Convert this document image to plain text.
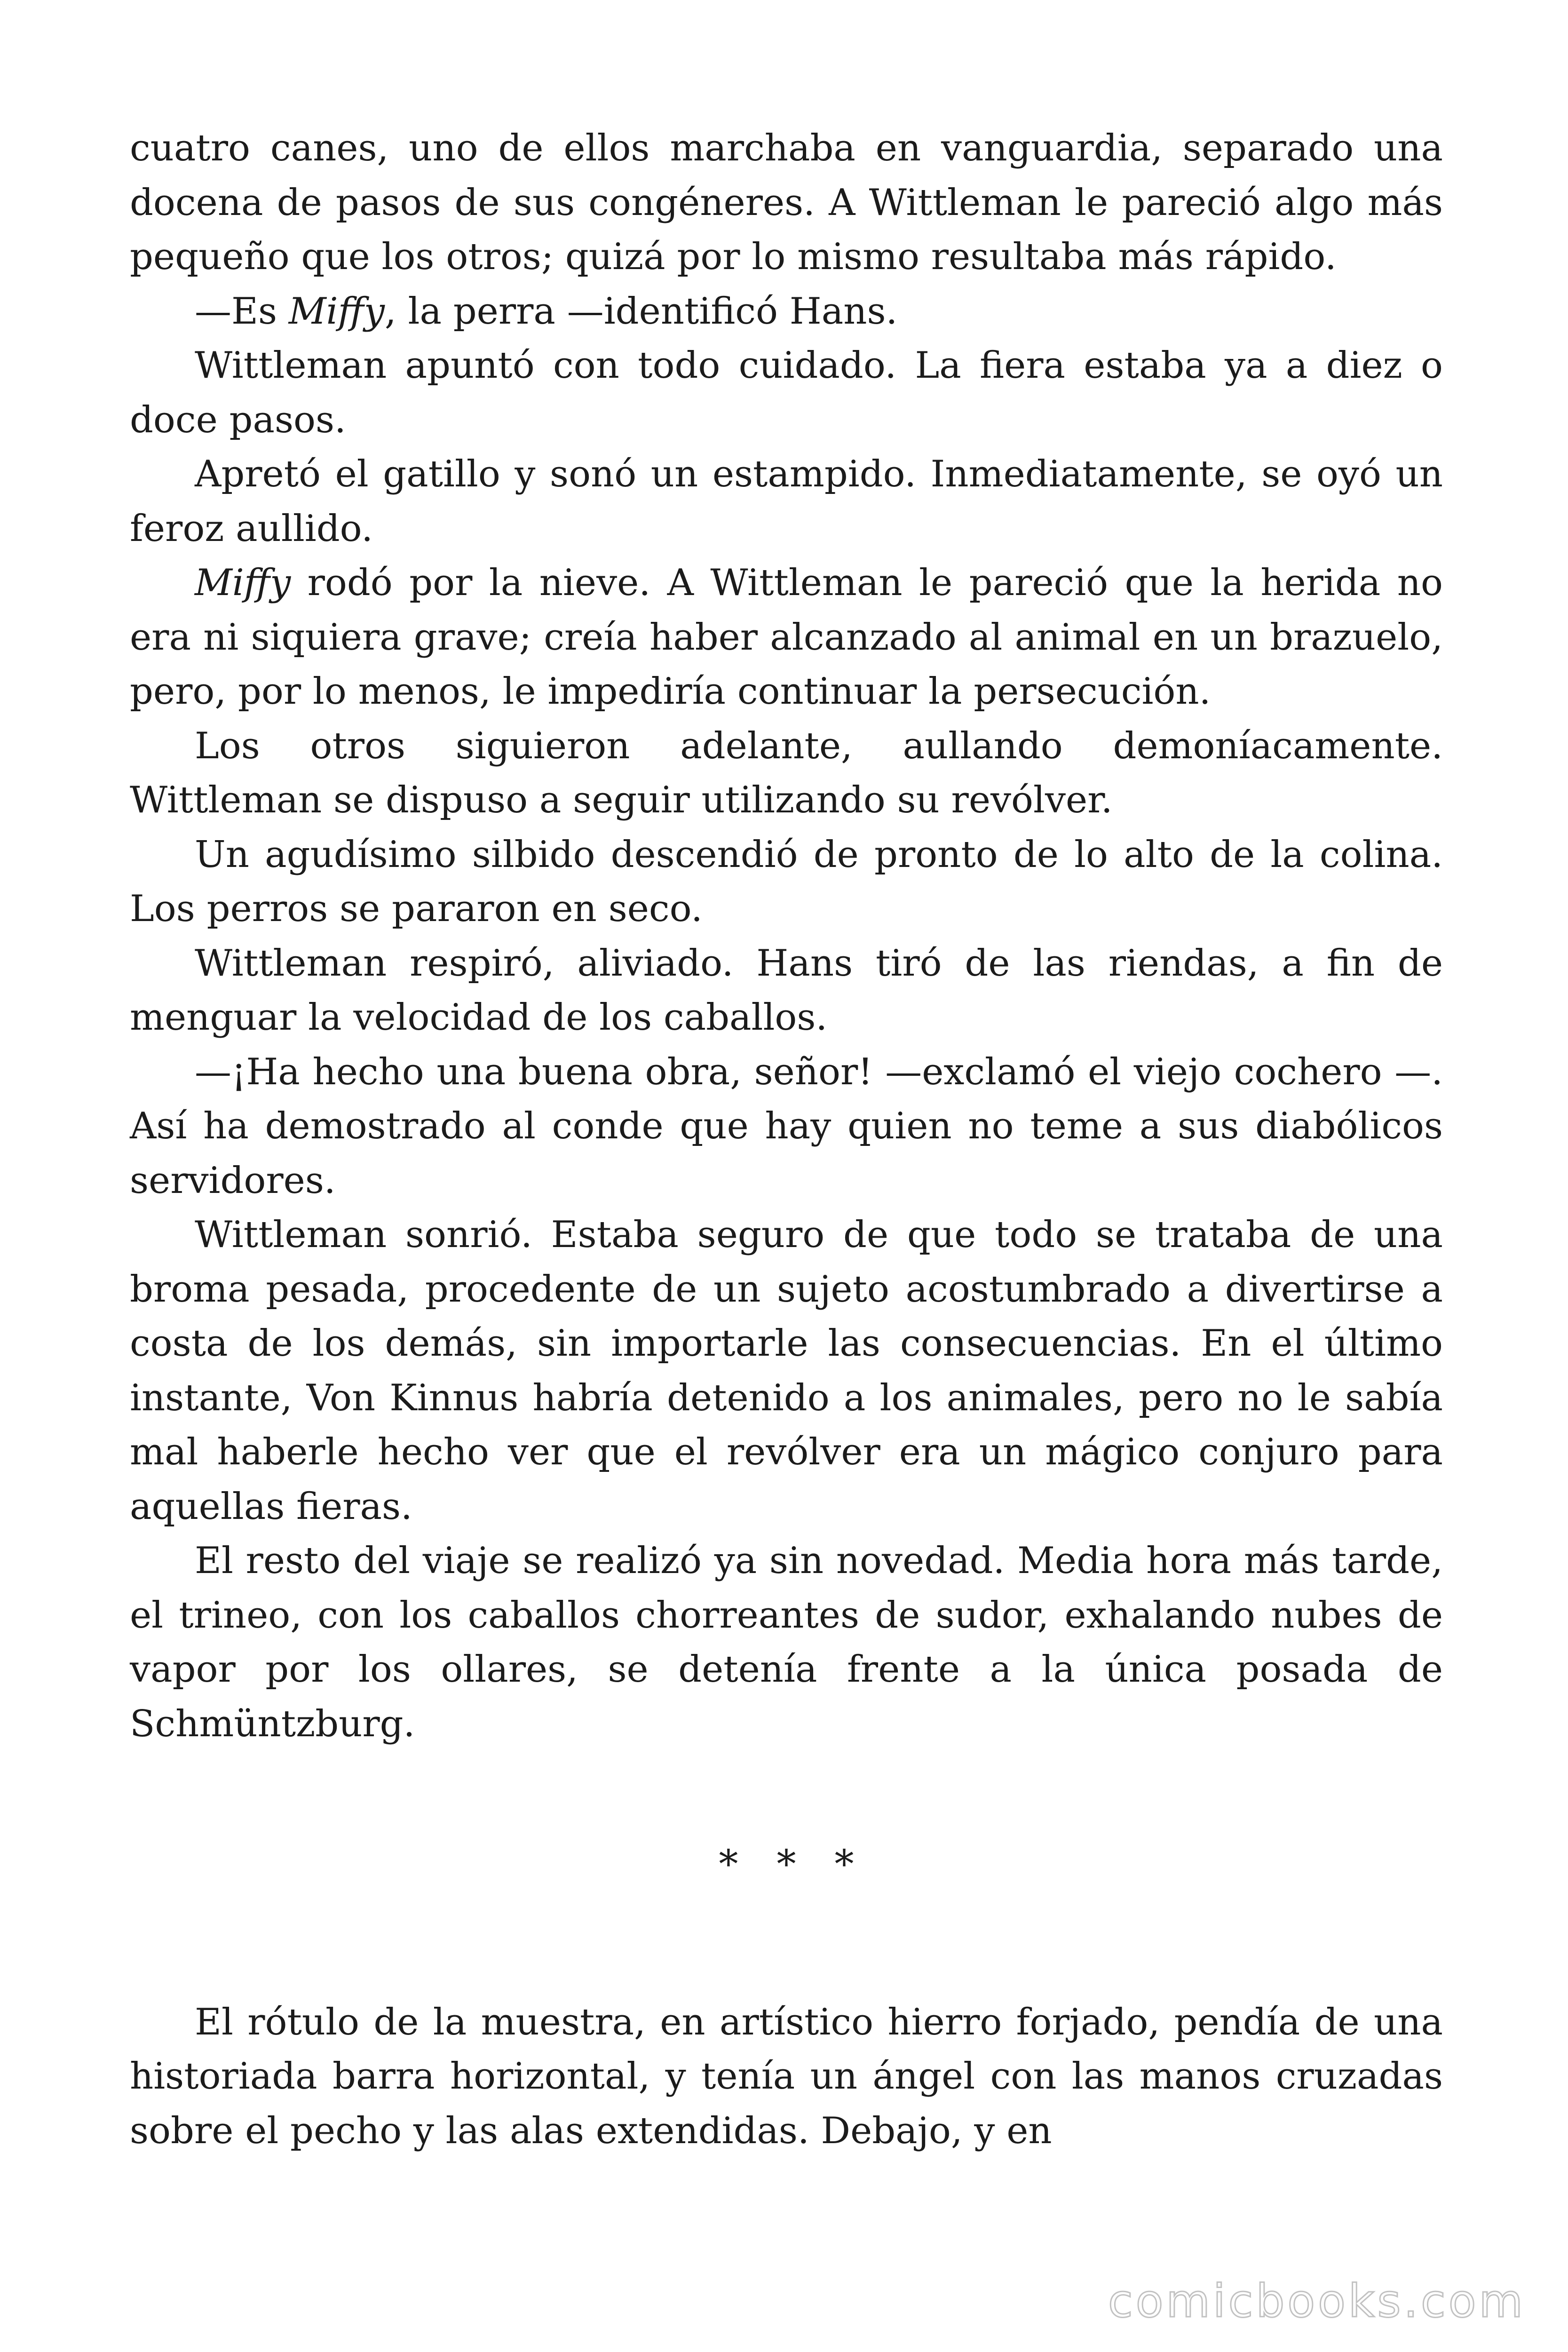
cuatro canes, uno de ellos marchaba en vanguardia, separado una docena de pasos de sus congéneres. A Wittleman le pareció algo más pequeño que los otros; quizá por lo mismo resultaba más rápido.

—Es Miffy, la perra —identificó Hans.

Wittleman apuntó con todo cuidado. La fiera estaba ya a diez o doce pasos.

Apretó el gatillo y sonó un estampido. Inmediatamente, se oyó un feroz aullido.

Miffy rodó por la nieve. A Wittleman le pareció que la herida no era ni siquiera grave; creía haber alcanzado al animal en un brazuelo, pero, por lo menos, le impediría continuar la persecución.

Los otros siguieron adelante, aullando demoníacamente. Wittleman se dispuso a seguir utilizando su revólver.

Un agudísimo silbido descendió de pronto de lo alto de la colina. Los perros se pararon en seco.

Wittleman respiró, aliviado. Hans tiró de las riendas, a fin de menguar la velocidad de los caballos.

—¡Ha hecho una buena obra, señor! —exclamó el viejo cochero —. Así ha demostrado al conde que hay quien no teme a sus diabólicos servidores.

Wittleman sonrió. Estaba seguro de que todo se trataba de una broma pesada, procedente de un sujeto acostumbrado a divertirse a costa de los demás, sin importarle las consecuencias. En el último instante, Von Kinnus habría detenido a los animales, pero no le sabía mal haberle hecho ver que el revólver era un mágico conjuro para aquellas fieras.

El resto del viaje se realizó ya sin novedad. Media hora más tarde, el trineo, con los caballos chorreantes de sudor, exhalando nubes de vapor por los ollares, se detenía frente a la única posada de Schmüntzburg.

* * *

El rótulo de la muestra, en artístico hierro forjado, pendía de una historiada barra horizontal, y tenía un ángel con las manos cruzadas sobre el pecho y las alas extendidas. Debajo, y en

comicbooks.com
